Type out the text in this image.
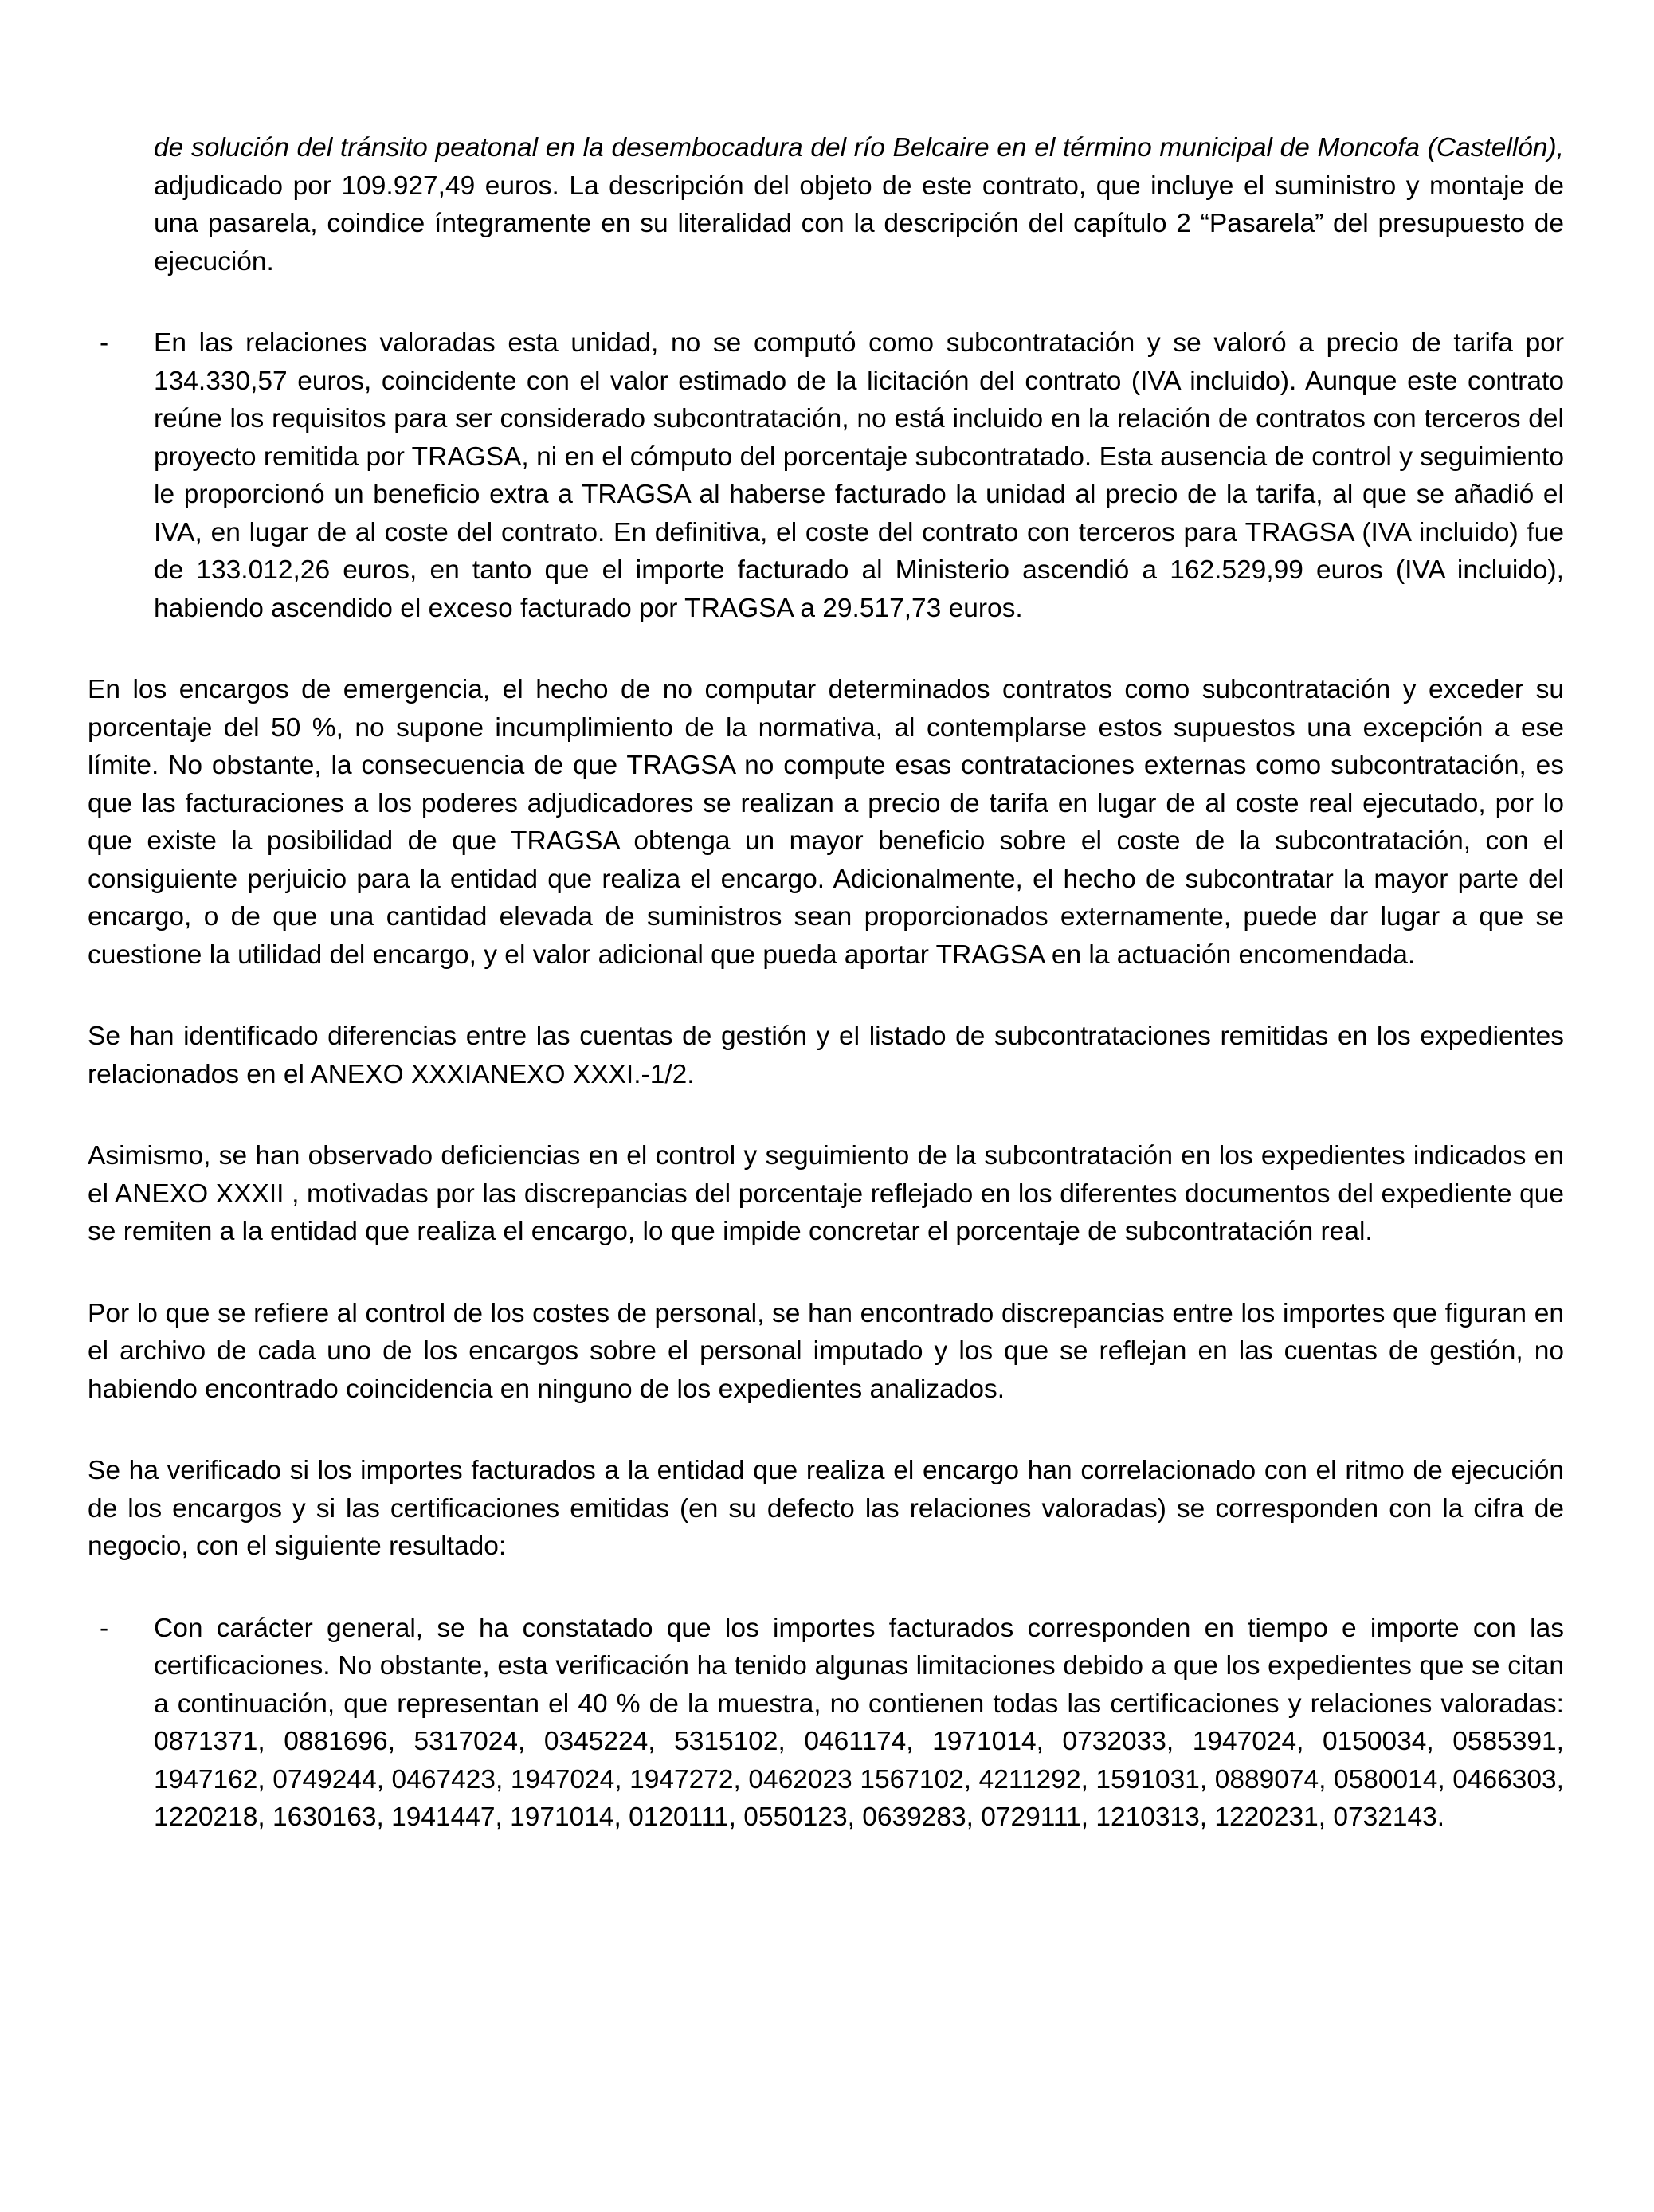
de solución del tránsito peatonal en la desembocadura del río Belcaire en el término municipal de Moncofa (Castellón), adjudicado por 109.927,49 euros. La descripción del objeto de este contrato, que incluye el suministro y montaje de una pasarela, coindice íntegramente en su literalidad con la descripción del capítulo 2 “Pasarela” del presupuesto de ejecución.

- En las relaciones valoradas esta unidad, no se computó como subcontratación y se valoró a precio de tarifa por 134.330,57 euros, coincidente con el valor estimado de la licitación del contrato (IVA incluido). Aunque este contrato reúne los requisitos para ser considerado subcontratación, no está incluido en la relación de contratos con terceros del proyecto remitida por TRAGSA, ni en el cómputo del porcentaje subcontratado. Esta ausencia de control y seguimiento le proporcionó un beneficio extra a TRAGSA al haberse facturado la unidad al precio de la tarifa, al que se añadió el IVA, en lugar de al coste del contrato. En definitiva, el coste del contrato con terceros para TRAGSA (IVA incluido) fue de 133.012,26 euros, en tanto que el importe facturado al Ministerio ascendió a 162.529,99 euros (IVA incluido), habiendo ascendido el exceso facturado por TRAGSA a 29.517,73 euros.

En los encargos de emergencia, el hecho de no computar determinados contratos como subcontratación y exceder su porcentaje del 50 %, no supone incumplimiento de la normativa, al contemplarse estos supuestos una excepción a ese límite. No obstante, la consecuencia de que TRAGSA no compute esas contrataciones externas como subcontratación, es que las facturaciones a los poderes adjudicadores se realizan a precio de tarifa en lugar de al coste real ejecutado, por lo que existe la posibilidad de que TRAGSA obtenga un mayor beneficio sobre el coste de la subcontratación, con el consiguiente perjuicio para la entidad que realiza el encargo. Adicionalmente, el hecho de subcontratar la mayor parte del encargo, o de que una cantidad elevada de suministros sean proporcionados externamente, puede dar lugar a que se cuestione la utilidad del encargo, y el valor adicional que pueda aportar TRAGSA en la actuación encomendada.

Se han identificado diferencias entre las cuentas de gestión y el listado de subcontrataciones remitidas en los expedientes relacionados en el ANEXO XXXIANEXO XXXI.-1/2.

Asimismo, se han observado deficiencias en el control y seguimiento de la subcontratación en los expedientes indicados en el ANEXO XXXII , motivadas por las discrepancias del porcentaje reflejado en los diferentes documentos del expediente que se remiten a la entidad que realiza el encargo, lo que impide concretar el porcentaje de subcontratación real.

Por lo que se refiere al control de los costes de personal, se han encontrado discrepancias entre los importes que figuran en el archivo de cada uno de los encargos sobre el personal imputado y los que se reflejan en las cuentas de gestión, no habiendo encontrado coincidencia en ninguno de los expedientes analizados.

Se ha verificado si los importes facturados a la entidad que realiza el encargo han correlacionado con el ritmo de ejecución de los encargos y si las certificaciones emitidas (en su defecto las relaciones valoradas) se corresponden con la cifra de negocio, con el siguiente resultado:

- Con carácter general, se ha constatado que los importes facturados corresponden en tiempo e importe con las certificaciones. No obstante, esta verificación ha tenido algunas limitaciones debido a que los expedientes que se citan a continuación, que representan el 40 % de la muestra, no contienen todas las certificaciones y relaciones valoradas: 0871371, 0881696, 5317024, 0345224, 5315102, 0461174, 1971014, 0732033, 1947024, 0150034, 0585391, 1947162, 0749244, 0467423, 1947024, 1947272, 0462023 1567102, 4211292, 1591031, 0889074, 0580014, 0466303, 1220218, 1630163, 1941447, 1971014, 0120111, 0550123, 0639283, 0729111, 1210313, 1220231, 0732143.
